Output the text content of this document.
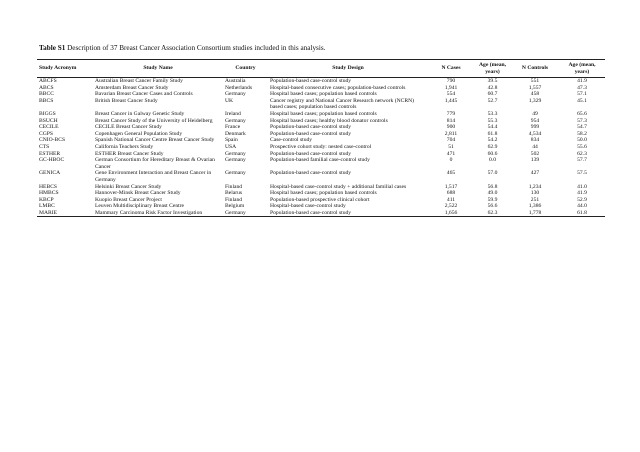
Table S1 Description of 37 Breast Cancer Association Consortium studies included in this analysis.
Study Acronym	Study Name	Country	Study Design	N Cases	Age (mean, years)	N Controls	Age (mean, years)
ABCFS	Australian Breast Cancer Family Study	Australia	Population-based case-control study	790	39.5	551	41.9
ABCS	Amsterdam Breast Cancer Study	Netherlands	Hospital-based consecutive cases; population-based controls	1,941	42.8	1,557	47.3
BBCC	Bavarian Breast Cancer Cases and Controls	Germany	Hospital based cases; population based controls	554	60.7	458	57.1
BBCS	British Breast Cancer Study	UK	Cancer registry and National Cancer Research network (NCRN) based cases; population based controls	1,445	52.7	1,329	45.1
BIGGS	Breast Cancer in Galway Genetic Study	Ireland	Hospital based cases; population based controls	779	53.3	49	65.6
BSUCH	Breast Cancer Study of the University of Heidelberg	Germany	Hospital based cases; healthy blood donator controls	814	55.3	954	57.3
CECILE	CECILE Breast Cancer Study	France	Population-based case-control study	900	54.4	999	54.7
CGPS	Copenhagen General Population Study	Denmark	Population-based case-control study	2,811	61.8	4,534	58.2
CNIO-BCS	Spanish National Cancer Centre Breast Cancer Study	Spain	Case-control study	704	54.2	834	50.0
CTS	California Teachers Study	USA	Prospective cohort study: nested case-control	51	62.9	44	55.6
ESTHER	ESTHER Breast Cancer Study	Germany	Population-based case-control study	471	60.6	502	62.3
GC-HBOC	German Consortium for Hereditary Breast & Ovarian Cancer	Germany	Population-based familial case-control study	0	0.0	139	57.7
GENICA	Gene Environment Interaction and Breast Cancer in Germany	Germany	Population-based case-control study	465	57.0	427	57.5
HEBCS	Helsinki Breast Cancer Study	Finland	Hospital-based case-control study + additional familial cases	1,517	56.8	1,234	41.0
HMBCS	Hannover-Minsk Breast Cancer Study	Belarus	Hospital based cases; population based controls	688	49.0	130	41.9
KBCP	Kuopio Breast Cancer Project	Finland	Population-based prospective clinical cohort	411	59.9	251	52.9
LMBC	Leuven Multidisciplinary Breast Centre	Belgium	Hospital-based case-control study	2,522	56.6	1,386	44.0
MARIE	Mammary Carcinoma Risk Factor Investigation	Germany	Population-based case-control study	1,656	62.3	1,778	61.8
